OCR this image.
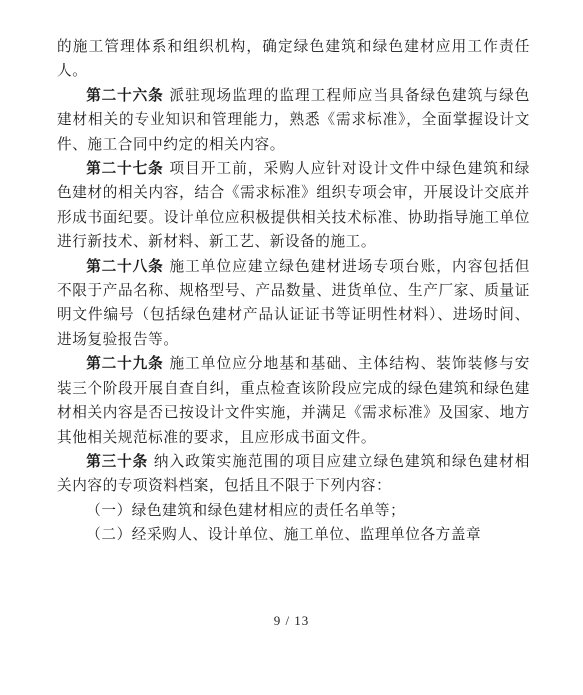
的施工管理体系和组织机构，确定绿色建筑和绿色建材应用工作责任人。

第二十六条 派驻现场监理的监理工程师应当具备绿色建筑与绿色建材相关的专业知识和管理能力，熟悉《需求标准》，全面掌握设计文件、施工合同中约定的相关内容。

第二十七条 项目开工前，采购人应针对设计文件中绿色建筑和绿色建材的相关内容，结合《需求标准》组织专项会审，开展设计交底并形成书面纪要。设计单位应积极提供相关技术标准、协助指导施工单位进行新技术、新材料、新工艺、新设备的施工。

第二十八条 施工单位应建立绿色建材进场专项台账，内容包括但不限于产品名称、规格型号、产品数量、进货单位、生产厂家、质量证明文件编号（包括绿色建材产品认证证书等证明性材料）、进场时间、进场复验报告等。

第二十九条 施工单位应分地基和基础、主体结构、装饰装修与安装三个阶段开展自查自纠，重点检查该阶段应完成的绿色建筑和绿色建材相关内容是否已按设计文件实施，并满足《需求标准》及国家、地方其他相关规范标准的要求，且应形成书面文件。

第三十条 纳入政策实施范围的项目应建立绿色建筑和绿色建材相关内容的专项资料档案，包括且不限于下列内容：

（一）绿色建筑和绿色建材相应的责任名单等；

（二）经采购人、设计单位、施工单位、监理单位各方盖章

9 / 13
